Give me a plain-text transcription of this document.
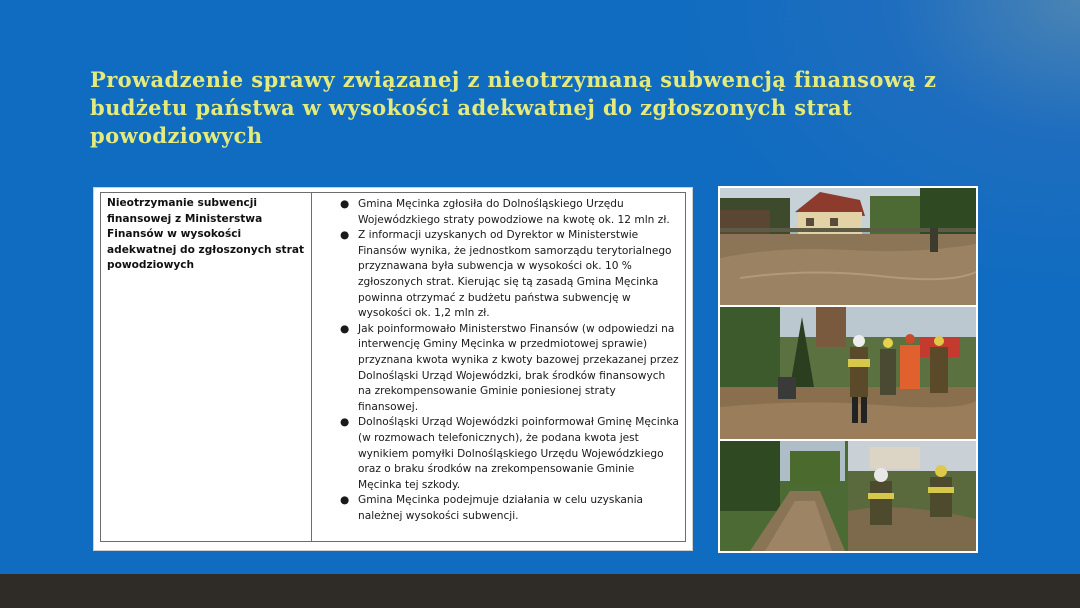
Prowadzenie sprawy związanej z nieotrzymaną subwencją finansową z budżetu państwa w wysokości adekwatnej do zgłoszonych strat powodziowych
Nieotrzymanie subwencji finansowej z Ministerstwa Finansów w wysokości adekwatnej do zgłoszonych strat powodziowych
● Gmina Męcinka zgłosiła do Dolnośląskiego Urzędu Wojewódzkiego straty powodziowe na kwotę ok. 12 mln zł.
● Z informacji uzyskanych od Dyrektor w Ministerstwie Finansów wynika, że jednostkom samorządu terytorialnego przyznawana była subwencja w wysokości ok. 10 % zgłoszonych strat. Kierując się tą zasadą Gmina Męcinka powinna otrzymać z budżetu państwa subwencję w wysokości ok. 1,2 mln zł.
● Jak poinformowało Ministerstwo Finansów (w odpowiedzi na interwencję Gminy Męcinka w przedmiotowej sprawie) przyznana kwota wynika z kwoty bazowej przekazanej przez Dolnośląski Urząd Wojewódzki, brak środków finansowych na zrekompensowanie Gminie poniesionej straty finansowej.
● Dolnośląski Urząd Wojewódzki poinformował Gminę Męcinka (w rozmowach telefonicznych), że podana kwota jest wynikiem pomyłki Dolnośląskiego Urzędu Wojewódzkiego oraz o braku środków na zrekompensowanie Gminie Męcinka tej szkody.
● Gmina Męcinka podejmuje działania w celu uzyskania należnej wysokości subwencji.
